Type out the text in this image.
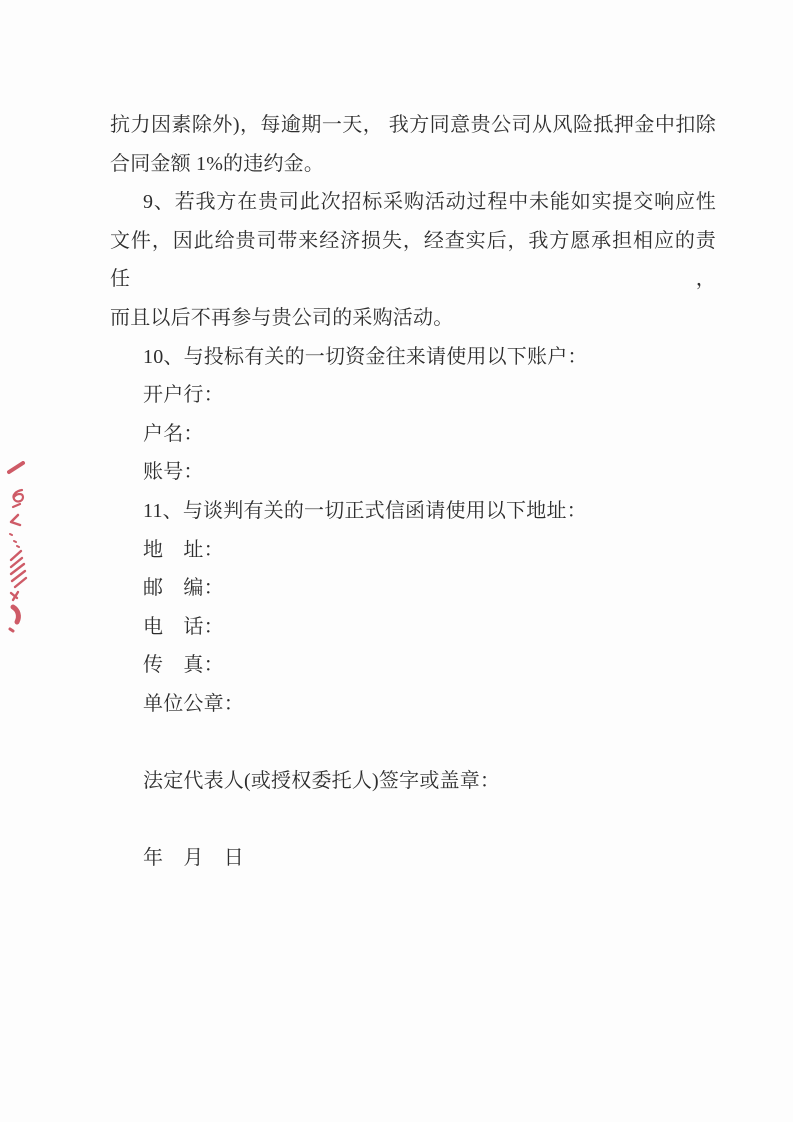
抗力因素除外)，每逾期一天， 我方同意贵公司从风险抵押金中扣除
合同金额 1%的违约金。
9、若我方在贵司此次招标采购活动过程中未能如实提交响应性
文件，因此给贵司带来经济损失，经查实后，我方愿承担相应的责任，
而且以后不再参与贵公司的采购活动。
10、与投标有关的一切资金往来请使用以下账户：
开户行：
户名：
账号：
11、与谈判有关的一切正式信函请使用以下地址：
地　址：
邮　编：
电　话：
传　真：
单位公章：
法定代表人(或授权委托人)签字或盖章：
年　月　日
